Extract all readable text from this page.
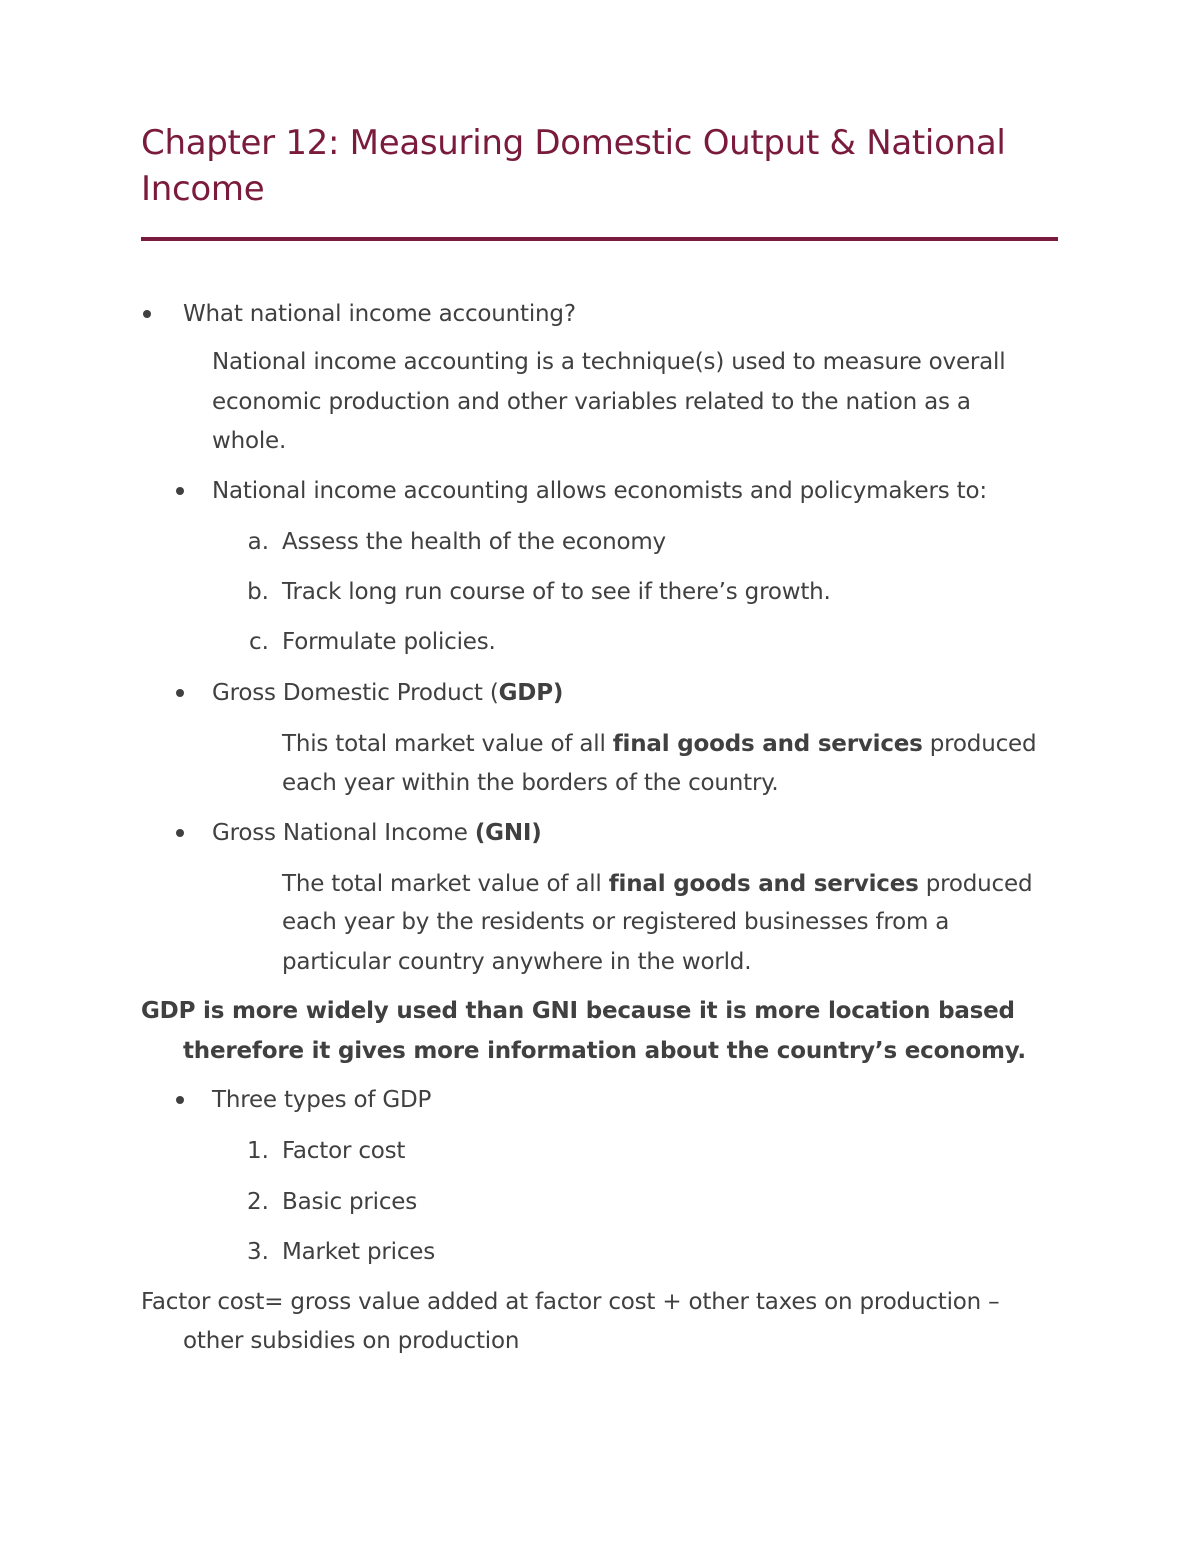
Chapter 12: Measuring Domestic Output & National
Income
What national income accounting?
National income accounting is a technique(s) used to measure overall
economic production and other variables related to the nation as a
whole.
National income accounting allows economists and policymakers to:
a. Assess the health of the economy
b. Track long run course of to see if there’s growth.
c. Formulate policies.
Gross Domestic Product (GDP)
This total market value of all final goods and services produced
each year within the borders of the country.
Gross National Income (GNI)
The total market value of all final goods and services produced
each year by the residents or registered businesses from a
particular country anywhere in the world.
GDP is more widely used than GNI because it is more location based
therefore it gives more information about the country’s economy.
Three types of GDP
1. Factor cost
2. Basic prices
3. Market prices
Factor cost= gross value added at factor cost + other taxes on production –
other subsidies on production
